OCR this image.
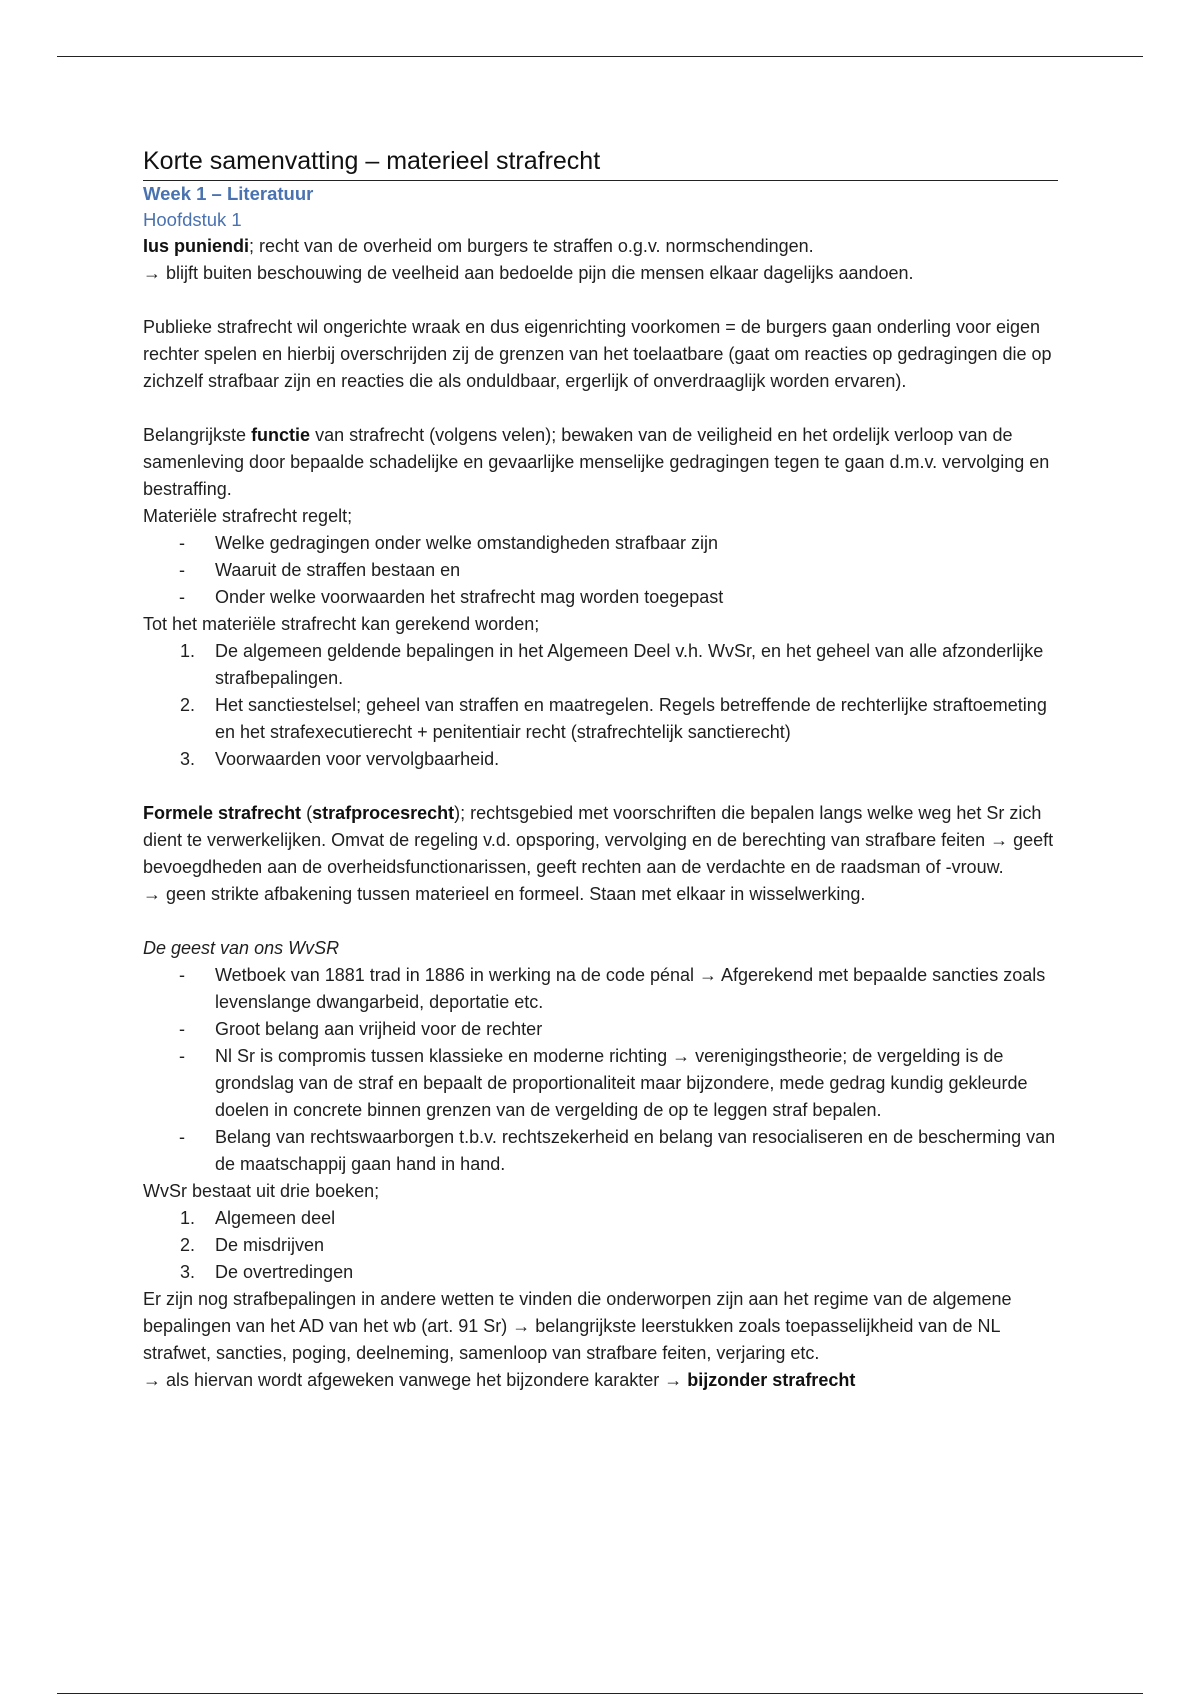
Korte samenvatting – materieel strafrecht
Week 1 – Literatuur
Hoofdstuk 1

Ius puniendi; recht van de overheid om burgers te straffen o.g.v. normschendingen.

→ blijft buiten beschouwing de veelheid aan bedoelde pijn die mensen elkaar dagelijks aandoen.

Publieke strafrecht wil ongerichte wraak en dus eigenrichting voorkomen = de burgers gaan onderling voor eigen rechter spelen en hierbij overschrijden zij de grenzen van het toelaatbare (gaat om reacties op gedragingen die op zichzelf strafbaar zijn en reacties die als onduldbaar, ergerlijk of onverdraaglijk worden ervaren).

Belangrijkste functie van strafrecht (volgens velen); bewaken van de veiligheid en het ordelijk verloop van de samenleving door bepaalde schadelijke en gevaarlijke menselijke gedragingen tegen te gaan d.m.v. vervolging en bestraffing.

Materiële strafrecht regelt;

-	Welke gedragingen onder welke omstandigheden strafbaar zijn
-	Waaruit de straffen bestaan en
-	Onder welke voorwaarden het strafrecht mag worden toegepast

Tot het materiële strafrecht kan gerekend worden;

1.	De algemeen geldende bepalingen in het Algemeen Deel v.h. WvSr, en het geheel van alle afzonderlijke strafbepalingen.
2.	Het sanctiestelsel; geheel van straffen en maatregelen. Regels betreffende de rechterlijke straftoemeting en het strafexecutierecht + penitentiair recht (strafrechtelijk sanctierecht)
3.	Voorwaarden voor vervolgbaarheid.

Formele strafrecht (strafprocesrecht); rechtsgebied met voorschriften die bepalen langs welke weg het Sr zich dient te verwerkelijken. Omvat de regeling v.d. opsporing, vervolging en de berechting van strafbare feiten → geeft bevoegdheden aan de overheidsfunctionarissen, geeft rechten aan de verdachte en de raadsman of -vrouw.

→ geen strikte afbakening tussen materieel en formeel. Staan met elkaar in wisselwerking.

De geest van ons WvSR

-	Wetboek van 1881 trad in 1886 in werking na de code pénal → Afgerekend met bepaalde sancties zoals levenslange dwangarbeid, deportatie etc.
-	Groot belang aan vrijheid voor de rechter
-	Nl Sr is compromis tussen klassieke en moderne richting → verenigingstheorie; de vergelding is de grondslag van de straf en bepaalt de proportionaliteit maar bijzondere, mede gedrag kundig gekleurde doelen in concrete binnen grenzen van de vergelding de op te leggen straf bepalen.
-	Belang van rechtswaarborgen t.b.v. rechtszekerheid en belang van resocialiseren en de bescherming van de maatschappij gaan hand in hand.

WvSr bestaat uit drie boeken;

1.	Algemeen deel
2.	De misdrijven
3.	De overtredingen

Er zijn nog strafbepalingen in andere wetten te vinden die onderworpen zijn aan het regime van de algemene bepalingen van het AD van het wb (art. 91 Sr) → belangrijkste leerstukken zoals toepasselijkheid van de NL strafwet, sancties, poging, deelneming, samenloop van strafbare feiten, verjaring etc.

→ als hiervan wordt afgeweken vanwege het bijzondere karakter → bijzonder strafrecht
